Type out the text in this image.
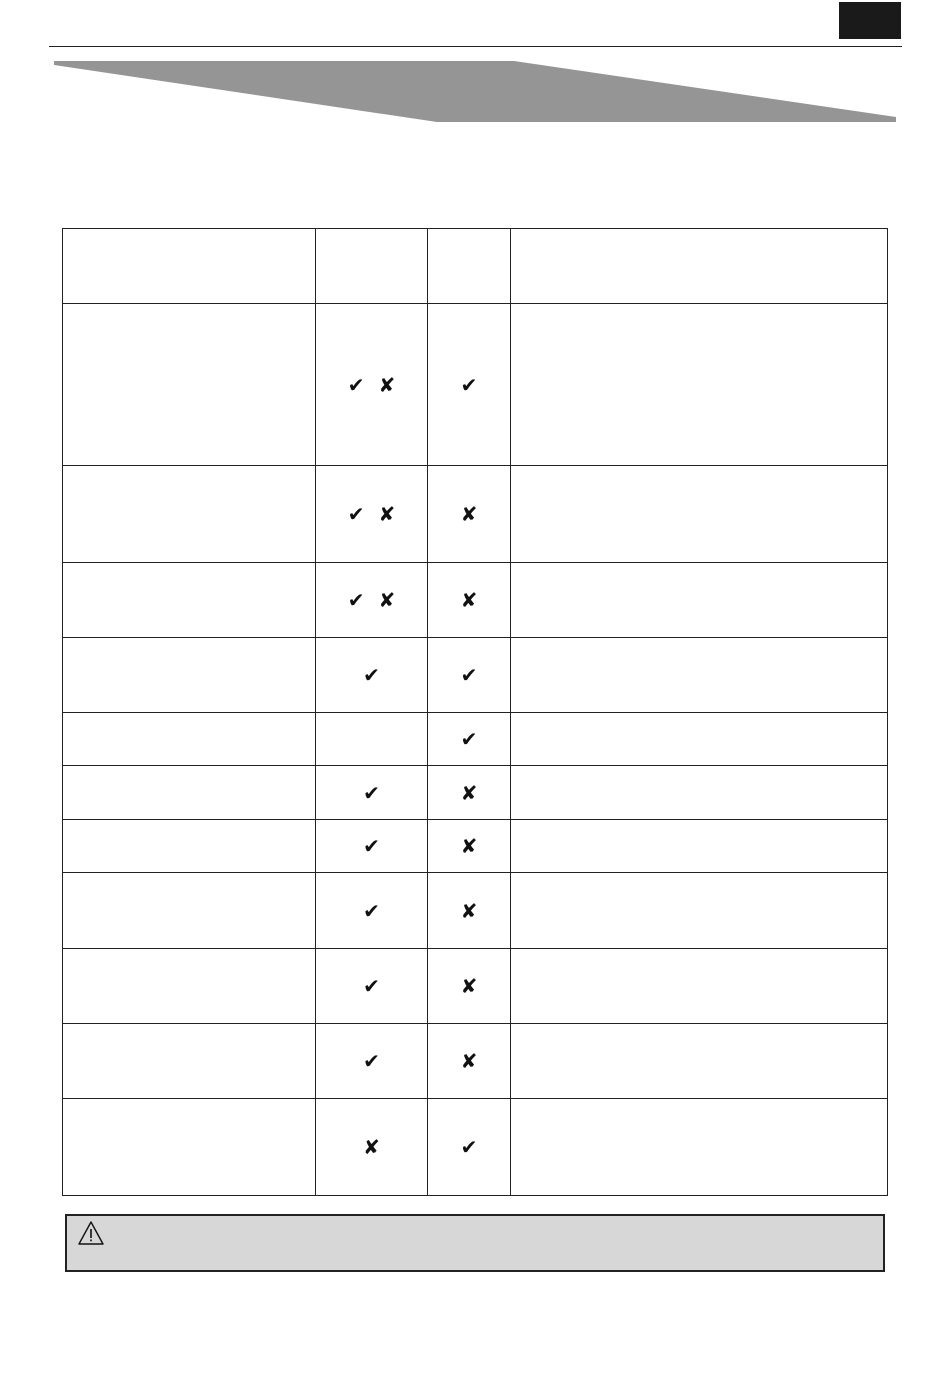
	✔ ✘	✔	
	✔ ✘	✘	
	✔ ✘	✘	
	✔	✔	
		✔	
	✔	✘	
	✔	✘	
	✔	✘	
	✔	✘	
	✔	✘	
	✘	✔	
